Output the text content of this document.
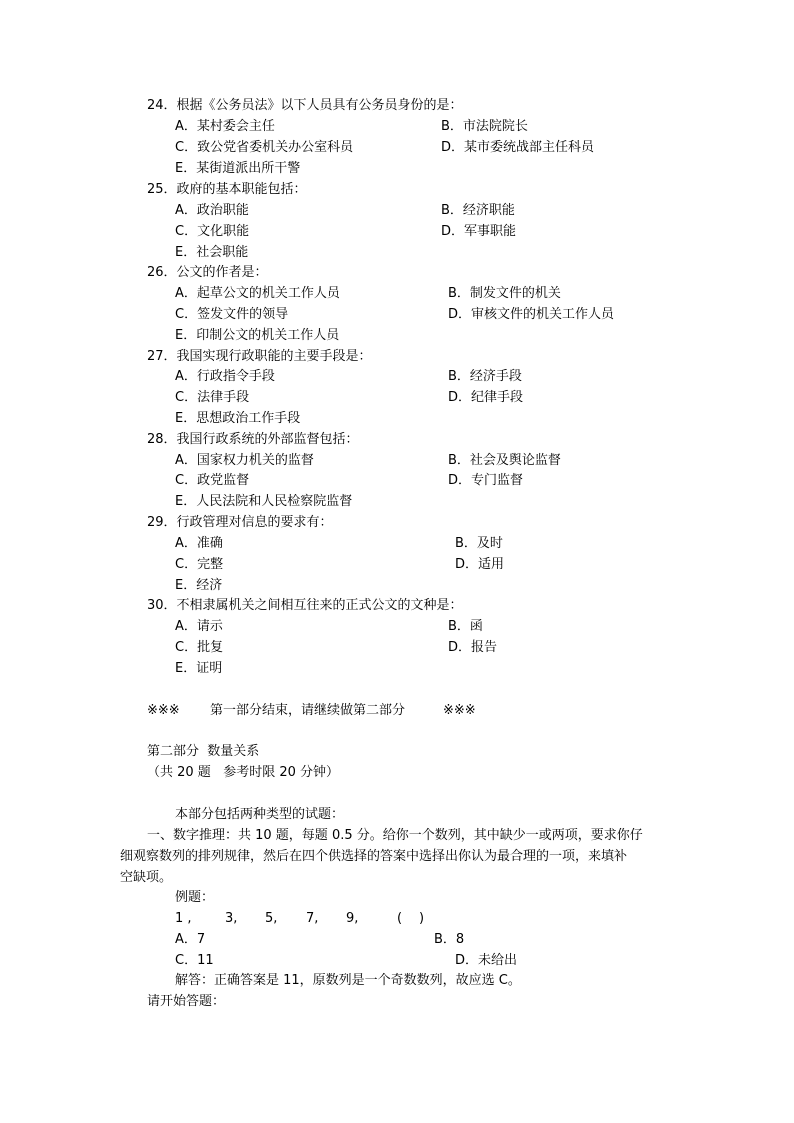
24．根据《公务员法》以下人员具有公务员身份的是：
A．某村委会主任	B．市法院院长
C．致公党省委机关办公室科员	D．某市委统战部主任科员
E．某街道派出所干警
25．政府的基本职能包括：
A．政治职能	B．经济职能
C．文化职能	D．军事职能
E．社会职能
26．公文的作者是：
A．起草公文的机关工作人员	B．制发文件的机关
C．签发文件的领导	D．审核文件的机关工作人员
E．印制公文的机关工作人员
27．我国实现行政职能的主要手段是：
A．行政指令手段	B．经济手段
C．法律手段	D．纪律手段
E．思想政治工作手段
28．我国行政系统的外部监督包括：
A．国家权力机关的监督	B．社会及舆论监督
C．政党监督	D．专门监督
E．人民法院和人民检察院监督
29．行政管理对信息的要求有：
A．准确	B．及时
C．完整	D．适用
E．经济
30．不相隶属机关之间相互往来的正式公文的文种是：
A．请示	B．函
C．批复	D．报告
E．证明
※※※ 第一部分结束，请继续做第二部分	※※※
第二部分  数量关系
（共 20 题   参考时限 20 分钟）
本部分包括两种类型的试题：
一、数字推理：共 10 题，每题 0.5 分。给你一个数列，其中缺少一或两项，要求你仔
细观察数列的排列规律，然后在四个供选择的答案中选择出你认为最合理的一项，来填补
空缺项。
例题：
1 ,	3, 5, 7, 9,	( )
A．7	B．8
C．11	D．未给出
解答：正确答案是 11，原数列是一个奇数数列，故应选 C。
请开始答题：
